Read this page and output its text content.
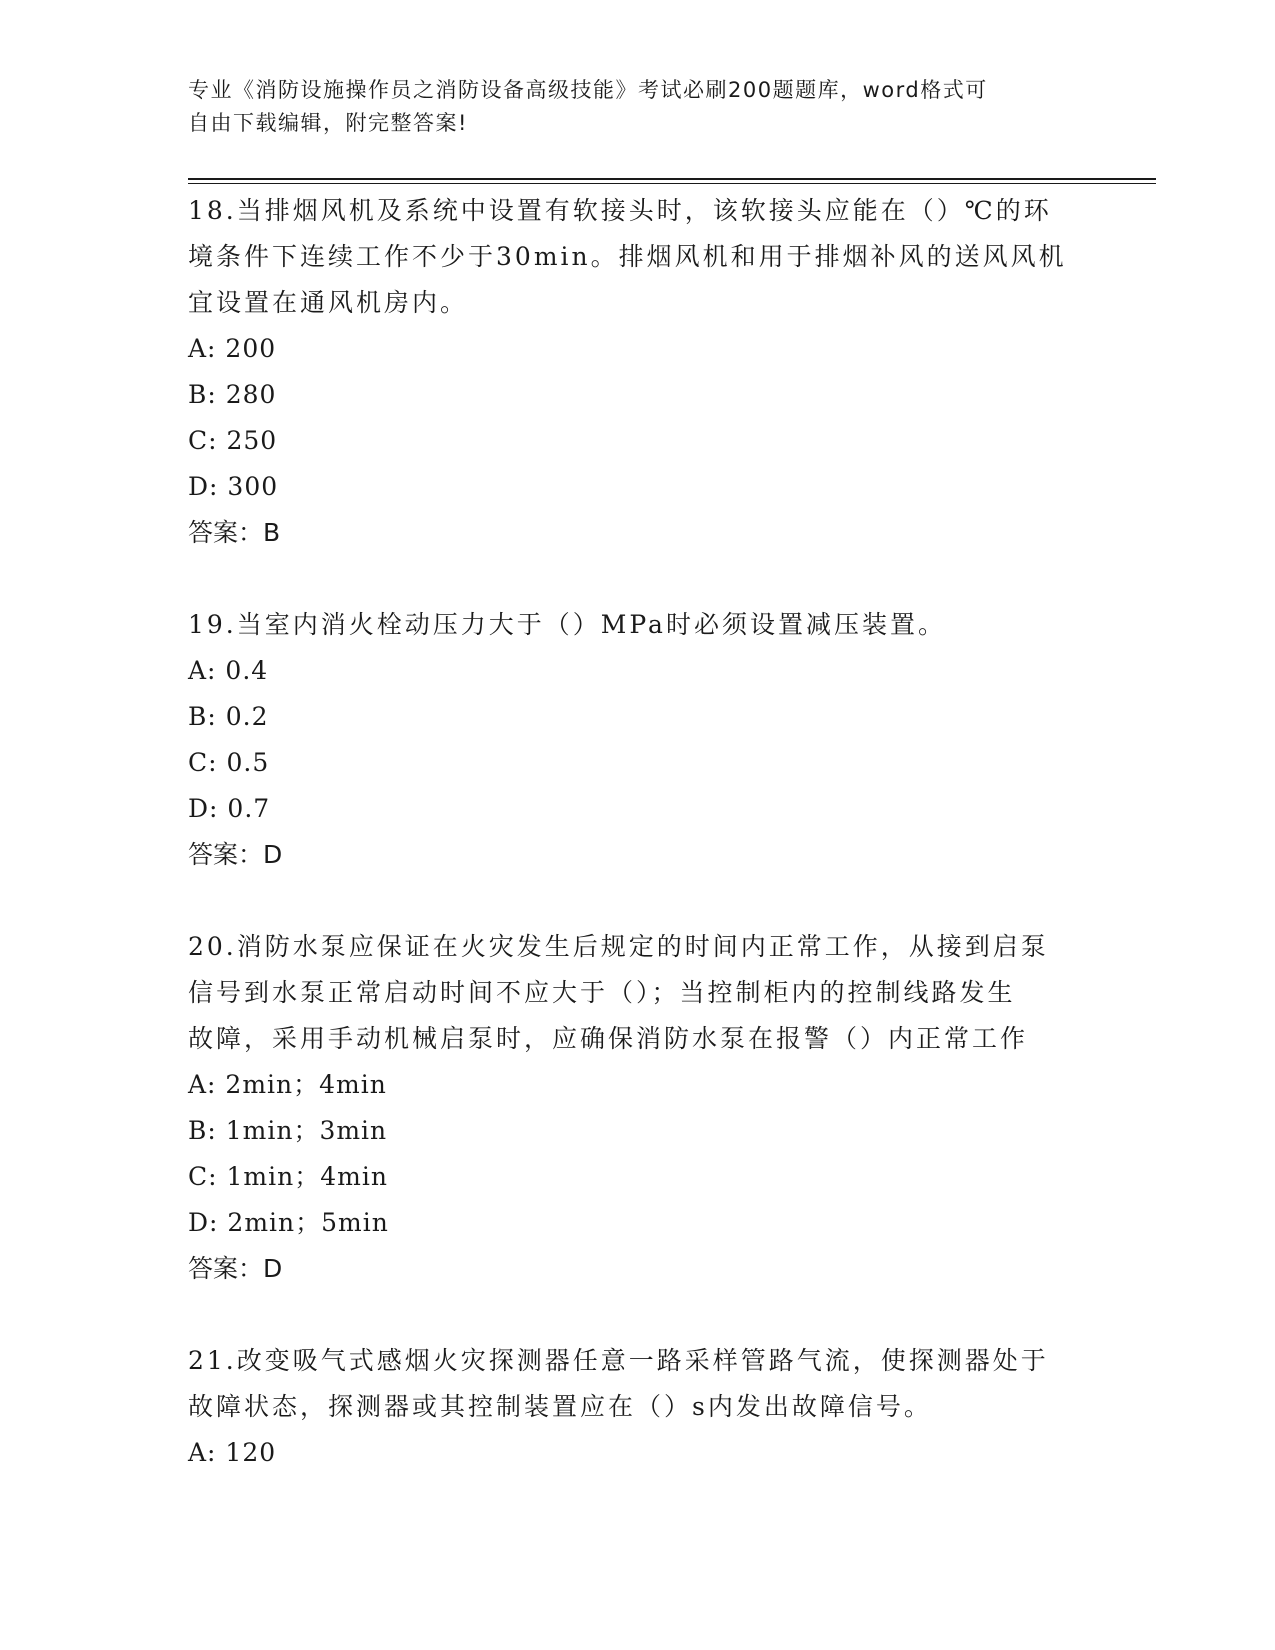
专业《消防设施操作员之消防设备高级技能》考试必刷200题题库，word格式可
自由下载编辑，附完整答案!

18.当排烟风机及系统中设置有软接头时，该软接头应能在（）℃的环

境条件下连续工作不少于30min。排烟风机和用于排烟补风的送风风机

宜设置在通风机房内。

A: 200

B: 280

C: 250

D: 300

答案：B

19.当室内消火栓动压力大于（）MPa时必须设置减压装置。

A: 0.4

B: 0.2

C: 0.5

D: 0.7

答案：D

20.消防水泵应保证在火灾发生后规定的时间内正常工作，从接到启泵

信号到水泵正常启动时间不应大于（）；当控制柜内的控制线路发生

故障，采用手动机械启泵时，应确保消防水泵在报警（）内正常工作

A: 2min；4min

B: 1min；3min

C: 1min；4min

D: 2min；5min

答案：D

21.改变吸气式感烟火灾探测器任意一路采样管路气流，使探测器处于

故障状态，探测器或其控制装置应在（）s内发出故障信号。

A: 120
